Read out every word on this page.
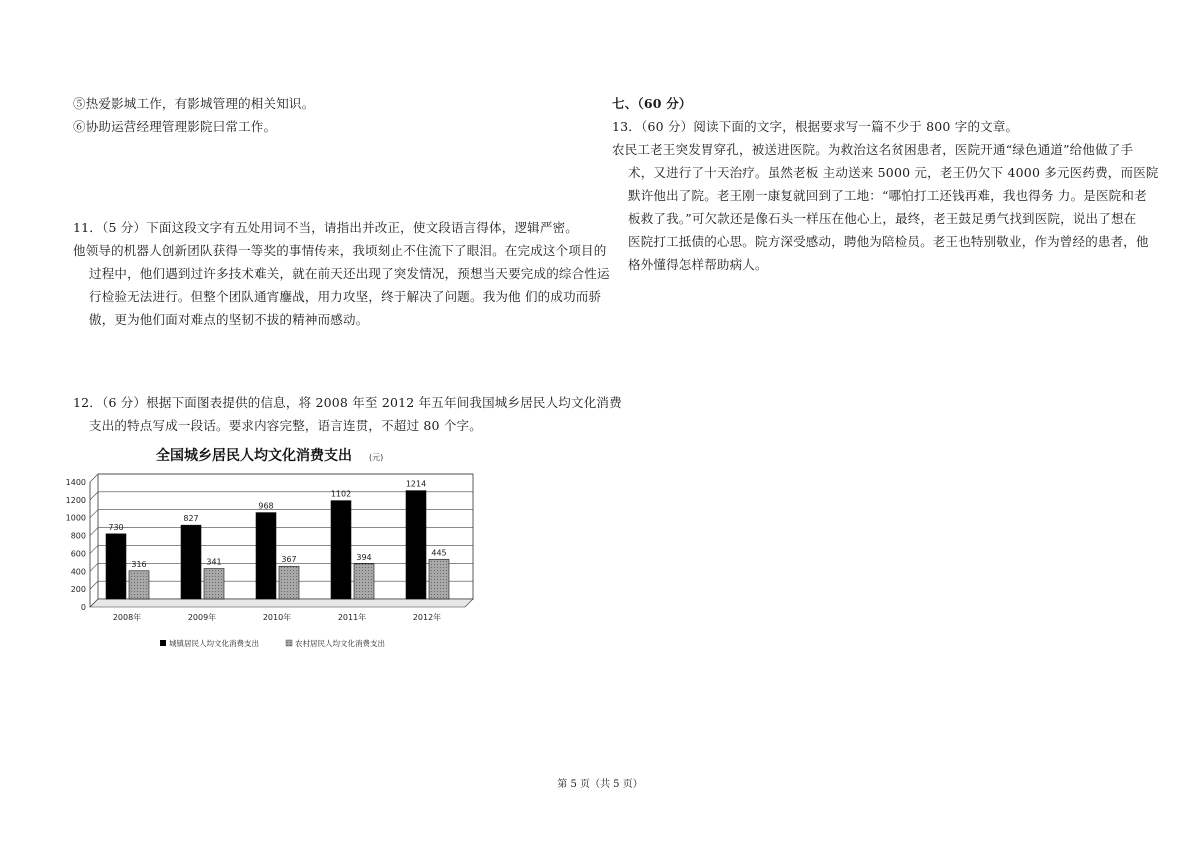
⑤热爱影城工作，有影城管理的相关知识。
⑥协助运营经理管理影院曰常工作。
11．（5 分）下面这段文字有五处用词不当，请指出并改正，使文段语言得体，逻辑严密。
他领导的机器人创新团队获得一等奖的事情传来，我顷刻止不住流下了眼泪。在完成这个项目的
过程中，他们遇到过许多技术难关，就在前天还出现了突发情况，预想当天要完成的综合性运
行检验无法进行。但整个团队通宵鏖战，用力攻坚，终于解决了问题。我为他 们的成功而骄
傲，更为他们面对难点的坚韧不拔的精神而感动。
12．（6 分）根据下面图表提供的信息，将 2008 年至 2012 年五年间我国城乡居民人均文化消费
支出的特点写成一段话。要求内容完整，语言连贯，不超过 80 个字。
七、（60 分）
13．（60 分）阅读下面的文字，根据要求写一篇不少于 800 字的文章。
农民工老王突发胃穿孔，被送进医院。为救治这名贫困患者，医院开通“绿色通道”给他做了手
术，又进行了十天治疗。虽然老板 主动送来 5000 元，老王仍欠下 4000 多元医药费，而医院
默许他出了院。老王刚一康复就回到了工地：“哪怕打工还钱再难，我也得务 力。是医院和老
板救了我。”可欠款还是像石头一样压在他心上，最终，老王鼓足勇气找到医院，说出了想在
医院打工抵债的心思。院方深受感动，聘他为陪检员。老王也特别敬业，作为曾经的患者，他
格外懂得怎样帮助病人。
全国城乡居民人均文化消费支出 (元)
0
200
400
600
800
1000
1200
1400
730
316
2008年
827
341
2009年
968
367
2010年
1102
394
2011年
1214
445
2012年
城镇居民人均文化消费支出	农村居民人均文化消费支出
第 5 页（共 5 页）
